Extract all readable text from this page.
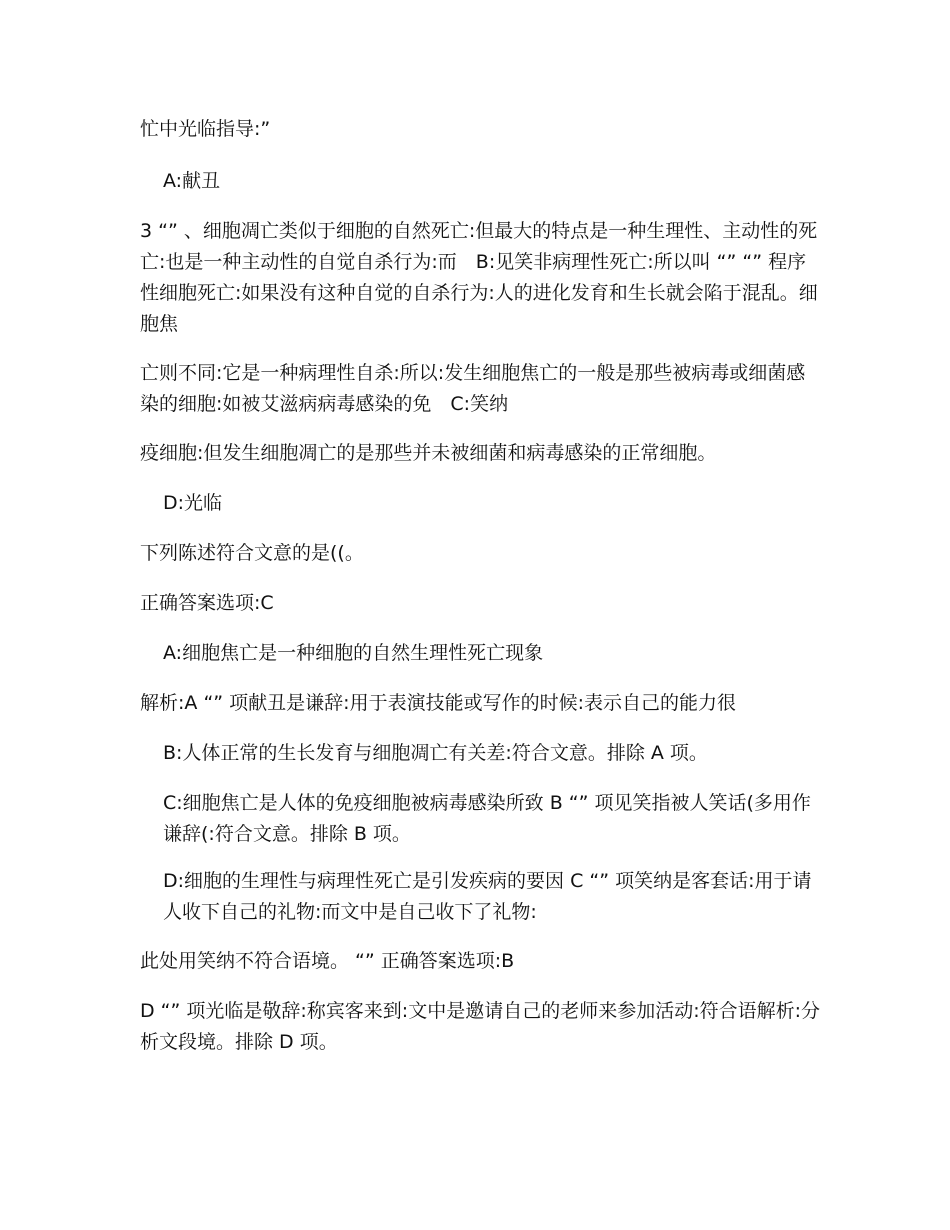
忙中光临指导:”

A:献丑

3 “” 、细胞凋亡类似于细胞的自然死亡:但最大的特点是一种生理性、主动性的死亡:也是一种主动性的自觉自杀行为:而　B:见笑非病理性死亡:所以叫 “” “” 程序性细胞死亡:如果没有这种自觉的自杀行为:人的进化发育和生长就会陷于混乱。细胞焦

亡则不同:它是一种病理性自杀:所以:发生细胞焦亡的一般是那些被病毒或细菌感染的细胞:如被艾滋病病毒感染的免　C:笑纳

疫细胞:但发生细胞凋亡的是那些并未被细菌和病毒感染的正常细胞。

D:光临

下列陈述符合文意的是((。

正确答案选项:C

A:细胞焦亡是一种细胞的自然生理性死亡现象

解析:A “” 项献丑是谦辞:用于表演技能或写作的时候:表示自己的能力很

B:人体正常的生长发育与细胞凋亡有关差:符合文意。排除 A 项。

C:细胞焦亡是人体的免疫细胞被病毒感染所致 B “” 项见笑指被人笑话(多用作谦辞(:符合文意。排除 B 项。

D:细胞的生理性与病理性死亡是引发疾病的要因 C “” 项笑纳是客套话:用于请人收下自己的礼物:而文中是自己收下了礼物:

此处用笑纳不符合语境。 “” 正确答案选项:B

D “” 项光临是敬辞:称宾客来到:文中是邀请自己的老师来参加活动:符合语解析:分析文段境。排除 D 项。
